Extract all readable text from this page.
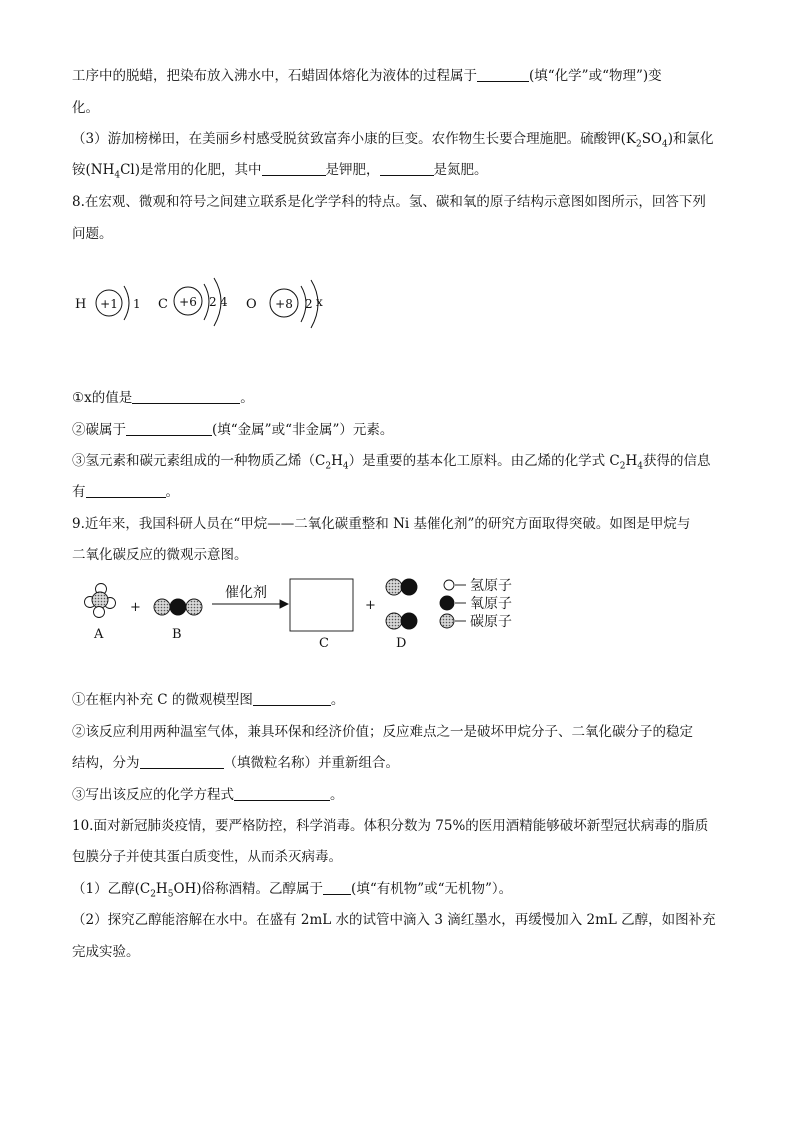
工序中的脱蜡，把染布放入沸水中，石蜡固体熔化为液体的过程属于	(填“化学”或“物理”)变
化。
（3）游加榜梯田，在美丽乡村感受脱贫致富奔小康的巨变。农作物生长要合理施肥。硫酸钾$(K_2SO_4)$和氯化
铵$(NH_4Cl)$是常用的化肥，其中	是钾肥，	是氮肥。
8.在宏观、微观和符号之间建立联系是化学学科的特点。氢、碳和氧的原子结构示意图如图所示，回答下列
问题。
H +1 1 C +6 2 4 O +8 2 x
①x的值是	。
②碳属于	(填“金属”或“非金属”）元素。
③氢元素和碳元素组成的一种物质乙烯$(C_2H_4)$是重要的基本化工原料。由乙烯的化学式 $C_2H_4$获得的信息
有	。
9.近年来，我国科研人员在“甲烷——二氧化碳重整和 Ni 基催化剂”的研究方面取得突破。如图是甲烷与
二氧化碳反应的微观示意图。
+	+
A	B
C	D
催化剂	氢原子
氧原子
碳原子
①在框内补充 C 的微观模型图	。
②该反应利用两种温室气体，兼具环保和经济价值；反应难点之一是破坏甲烷分子、二氧化碳分子的稳定
结构，分为	（填微粒名称）并重新组合。
③写出该反应的化学方程式	。
10.面对新冠肺炎疫情，要严格防控，科学消毒。体积分数为 75%的医用酒精能够破坏新型冠状病毒的脂质
包膜分子并使其蛋白质变性，从而杀灭病毒。
（1）乙醇$(C_2H_5OH)$俗称酒精。乙醇属于 (填“有机物”或“无机物”）。
（2）探究乙醇能溶解在水中。在盛有 2mL 水的试管中滴入 3 滴红墨水，再缓慢加入 2mL 乙醇，如图补充
完成实验。
